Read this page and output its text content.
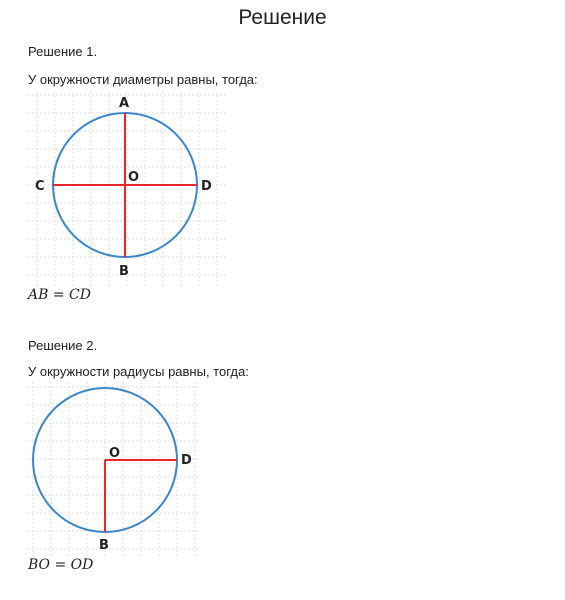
Решение
Решение 1.
У окружности диаметры равны, тогда:
A
B
C	D
O
AB = CD
Решение 2.
У окружности радиусы равны, тогда:
O	D
B
BO = OD
